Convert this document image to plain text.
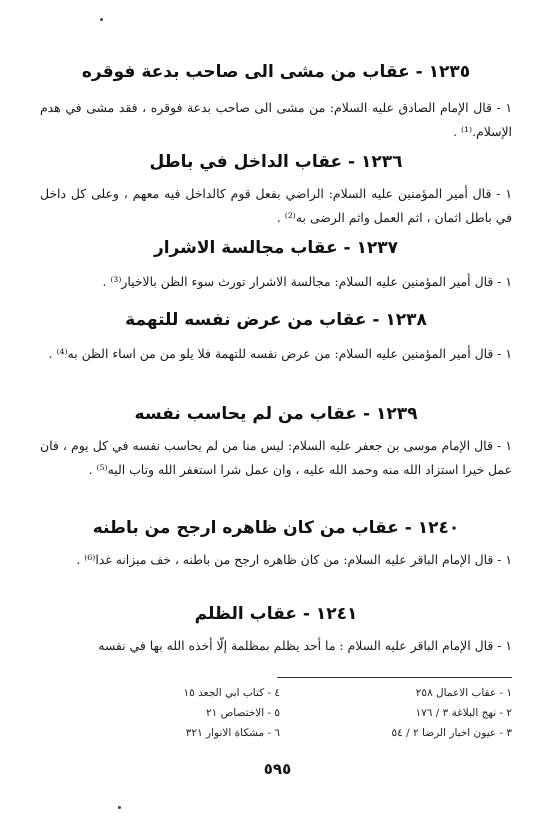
١٢٣٥ - عقاب من مشى الى صاحب بدعة فوقره

١ - قال الإمام الصادق عليه السلام: من مشى الى صاحب بدعة فوقره ، فقد مشى في هدم الإسلام.⁽¹⁾ .

١٢٣٦ - عقاب الداخل في باطل

١ - قال أمير المؤمنين عليه السلام: الراضي بفعل قوم كالداخل فيه معهم ، وعلى كل داخل في باطل اثمان ، اثم العمل واثم الرضى به⁽²⁾ .

١٢٣٧ - عقاب مجالسة الاشرار

١ - قال أمير المؤمنين عليه السلام: مجالسة الاشرار تورث سوء الظن بالاخيار⁽³⁾ .

١٢٣٨ - عقاب من عرض نفسه للتهمة

١ - قال أمير المؤمنين عليه السلام: من عرض نفسه للتهمة فلا يلو من من اساء الظن به⁽⁴⁾ .

١٢٣٩ - عقاب من لم يحاسب نفسه

١ - قال الإمام موسى بن جعفر عليه السلام: ليس منا من لم يحاسب نفسه في كل يوم ، فان عمل خيرا استزاد الله منه وحمد الله عليه ، وان عمل شرا استغفر الله وتاب اليه⁽⁵⁾ .

١٢٤٠ - عقاب من كان ظاهره ارجح من باطنه

١ - قال الإمام الباقر عليه السلام: من كان ظاهره ارجح من باطنه ، خف ميزانه غدا⁽⁶⁾ .

١٢٤١ - عقاب الظلم

١ - قال الإمام الباقر عليه السلام : ما أحد يظلم بمظلمة إلّا أخذه الله بها في نفسه

١ - عقاب الاعمال ٢٥٨
٢ - نهج البلاغة ٣ / ١٧٦
٣ - عيون اخبار الرضا ٢ / ٥٤
٤ - كتاب ابي الجعد ١٥
٥ - الاختصاص ٢١
٦ - مشكاة الانوار ٣٢١
٥٩٥
